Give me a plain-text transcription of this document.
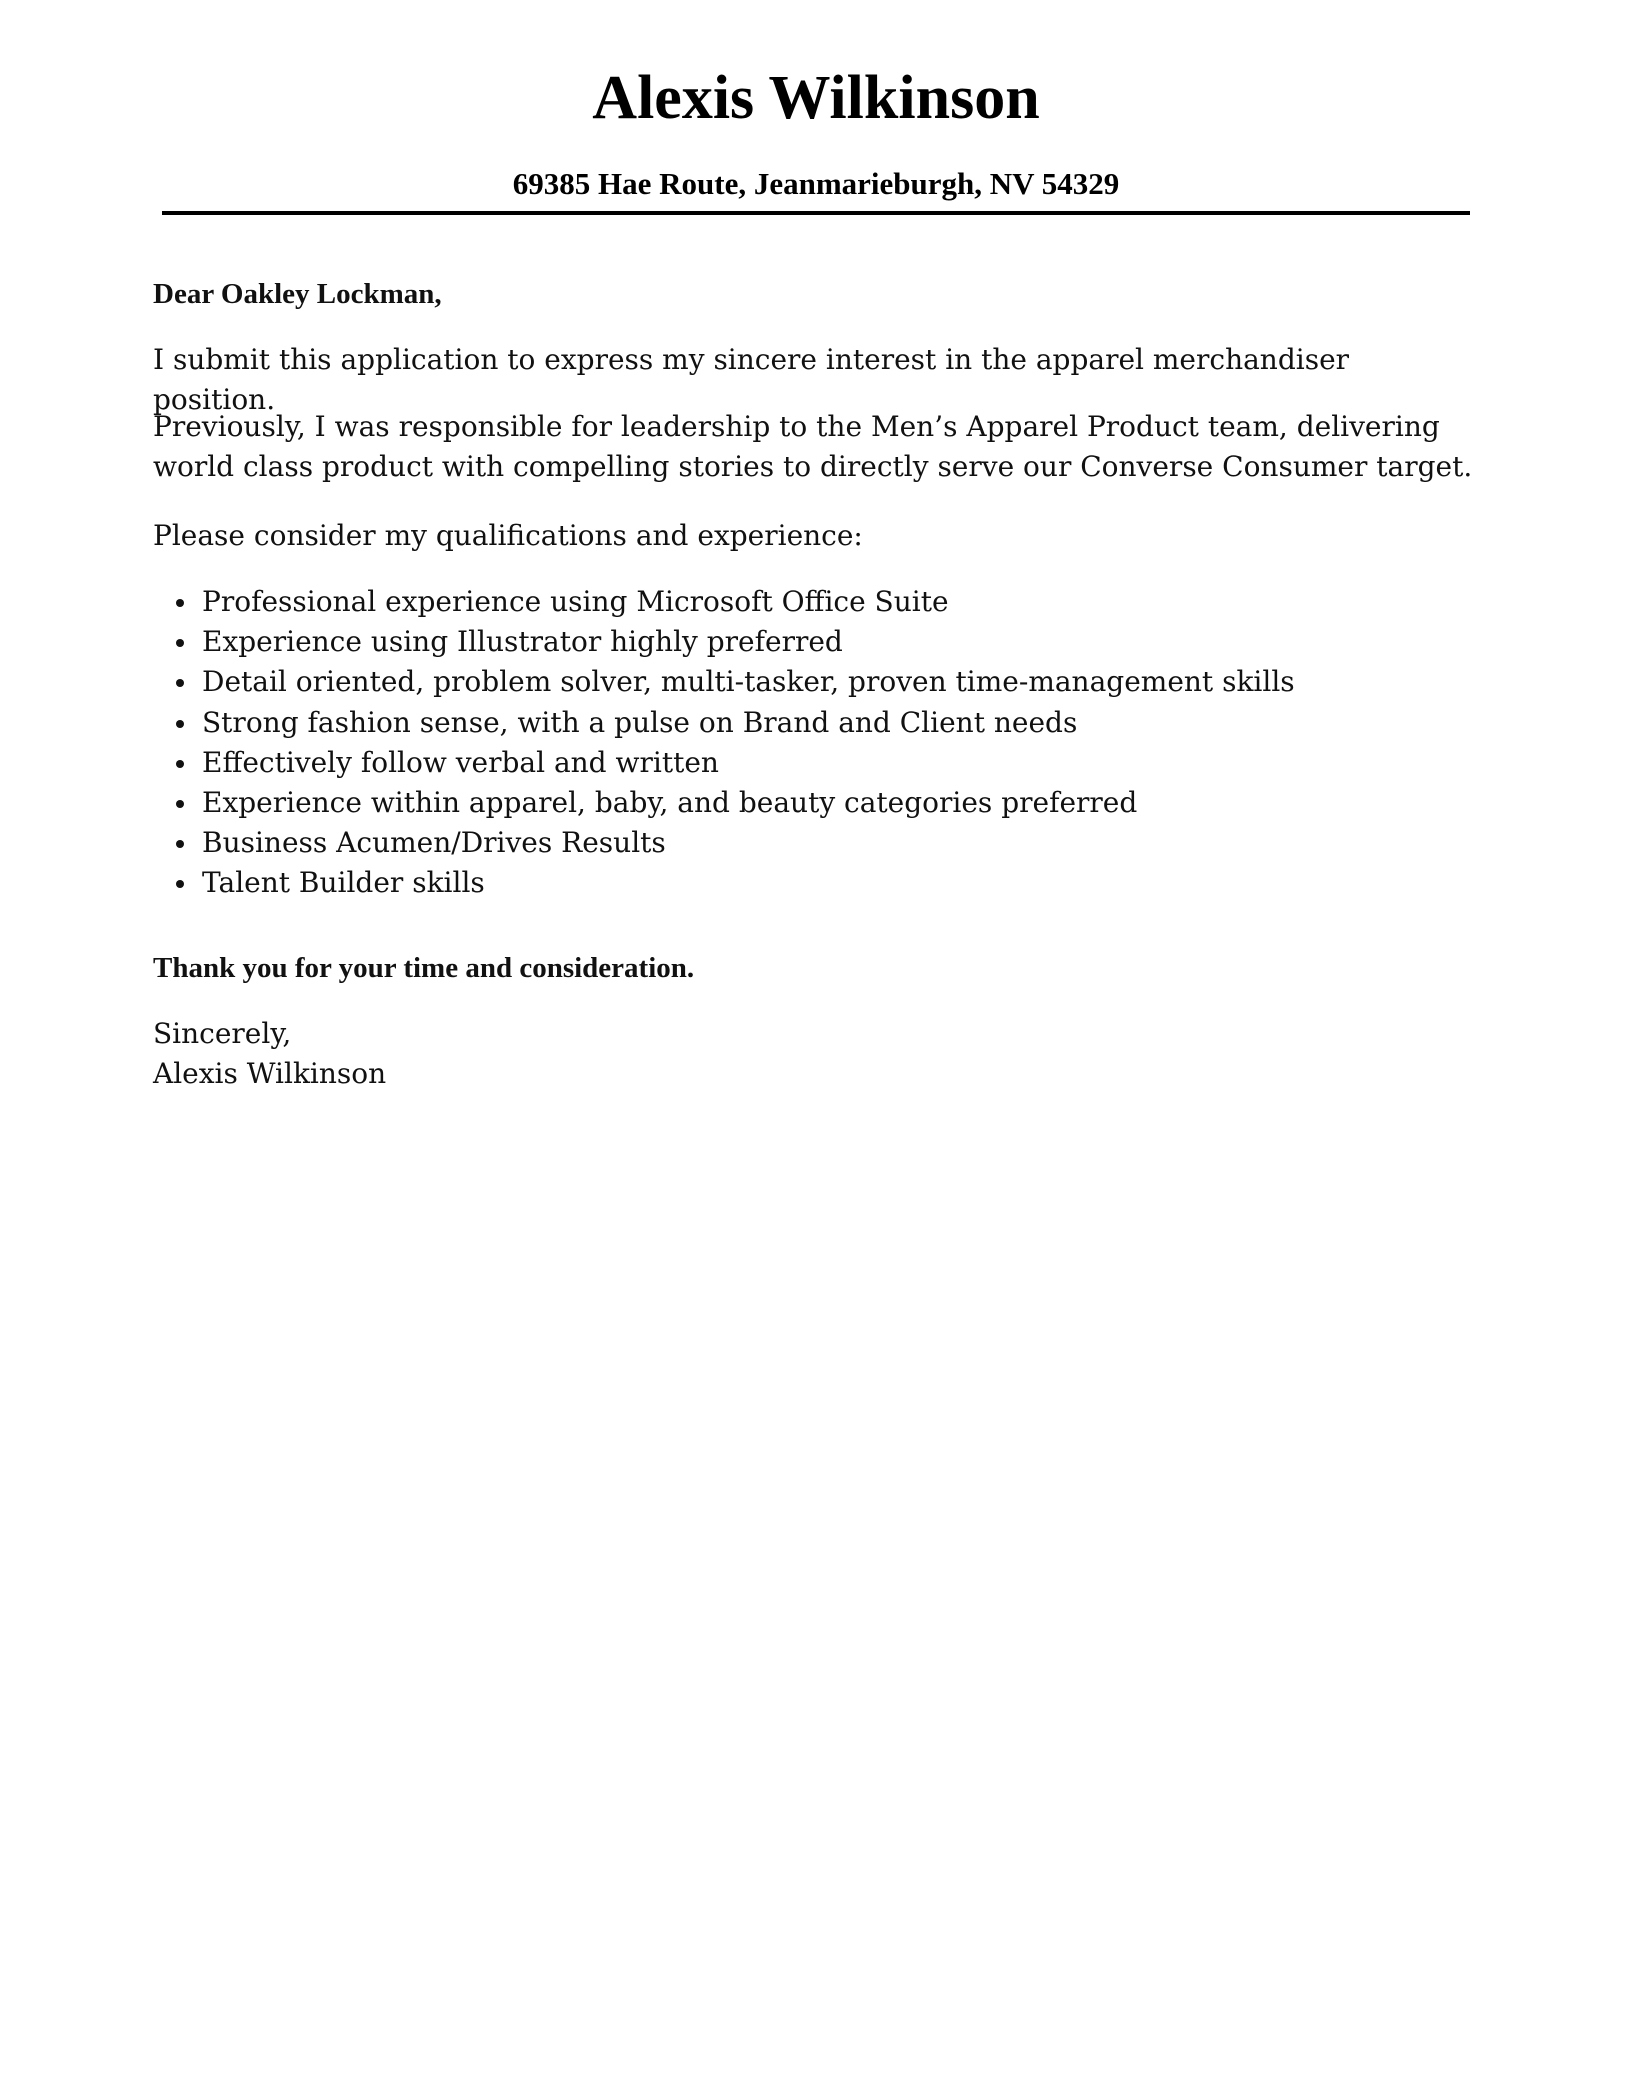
Alexis Wilkinson
69385 Hae Route, Jeanmarieburgh, NV 54329

Dear Oakley Lockman,

I submit this application to express my sincere interest in the apparel merchandiser position.

Previously, I was responsible for leadership to the Men’s Apparel Product team, delivering world class product with compelling stories to directly serve our Converse Consumer target.

Please consider my qualifications and experience:

Professional experience using Microsoft Office Suite
Experience using Illustrator highly preferred
Detail oriented, problem solver, multi-tasker, proven time-management skills
Strong fashion sense, with a pulse on Brand and Client needs
Effectively follow verbal and written
Experience within apparel, baby, and beauty categories preferred
Business Acumen/Drives Results
Talent Builder skills

Thank you for your time and consideration.

Sincerely,

Alexis Wilkinson
